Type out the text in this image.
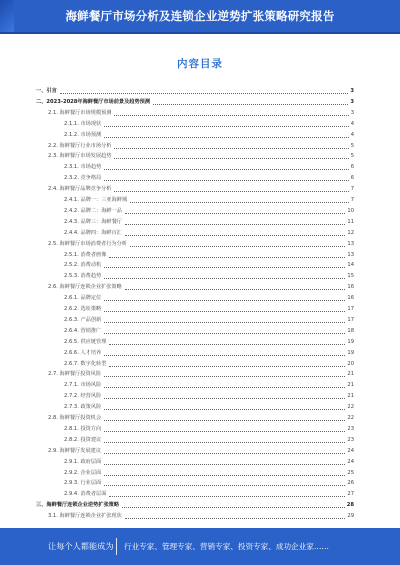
海鲜餐厅市场分析及连锁企业逆势扩张策略研究报告
内容目录
一、引言	3
二、2023-2028年海鲜餐厅市场前景及趋势预测	3
2.1. 海鲜餐厅市场规模预测	3
2.1.1. 市场现状	4
2.1.2. 市场预测	4
2.2. 海鲜餐厅行业市场分析	5
2.3. 海鲜餐厅市场发展趋势	5
2.3.1. 市场趋势	6
2.3.2. 竞争格局	6
2.4. 海鲜餐厅品牌竞争分析	7
2.4.1. 品牌一：三亚海鲜城	7
2.4.2. 品牌二：海鲜一品	10
2.4.3. 品牌三：海鲜餐厅	11
2.4.4. 品牌四：海鲜百汇	12
2.5. 海鲜餐厅市场消费者行为分析	13
2.5.1. 消费者画像	13
2.5.2. 消费动机	14
2.5.3. 消费趋势	15
2.6. 海鲜餐厅连锁企业扩张策略	16
2.6.1. 品牌定位	16
2.6.2. 选址策略	17
2.6.3. 产品创新	17
2.6.4. 营销推广	18
2.6.5. 供应链管理	19
2.6.6. 人才培养	19
2.6.7. 数字化转型	20
2.7. 海鲜餐厅投资风险	21
2.7.1. 市场风险	21
2.7.2. 经营风险	21
2.7.3. 政策风险	22
2.8. 海鲜餐厅投资机会	22
2.8.1. 投资方向	23
2.8.2. 投资建议	23
2.9. 海鲜餐厅发展建议	24
2.9.1. 政府层面	24
2.9.2. 企业层面	25
2.9.3. 行业层面	26
2.9.4. 消费者层面	27
三、海鲜餐厅连锁企业逆势扩张策略	28
3.1. 海鲜餐厅连锁企业扩张现状	29
让每个人都能成为 行业专家、管理专家、营销专家、投资专家、成功企业家……
